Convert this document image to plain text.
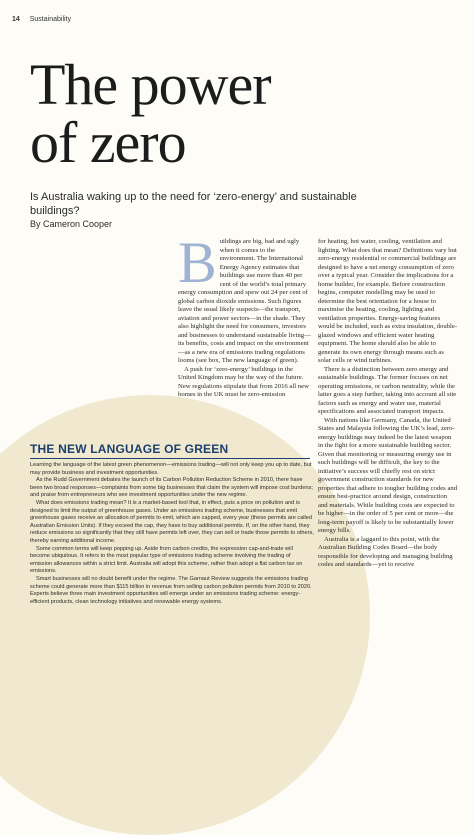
14 Sustainability
The power
of zero
Is Australia waking up to the need for ‘zero-energy’ and sustainable buildings?
By Cameron Cooper

Buildings are big, bad and ugly when it comes to the environment. The International Energy Agency estimates that buildings use more than 40 per cent of the world’s total primary energy consumption and spew out 24 per cent of global carbon dioxide emissions. Such figures leave the usual likely suspects—the transport, aviation and power sectors—in the shade. They also highlight the need for consumers, investors and businesses to understand sustainable living—its benefits, costs and impact on the environment—as a new era of emissions trading regulations looms (see box, The new language of green).

A push for ‘zero-energy’ buildings in the United Kingdom may be the way of the future. New regulations stipulate that from 2016 all new homes in the UK must be zero-emission

for heating, hot water, cooling, ventilation and lighting. What does that mean? Definitions vary but zero-energy residential or commercial buildings are designed to have a net energy consumption of zero over a typical year. Consider the implications for a home builder, for example. Before construction begins, computer modelling may be used to determine the best orientation for a house to maximise the heating, cooling, lighting and ventilation properties. Energy-saving features would be included, such as extra insulation, double-glazed windows and efficient water heating equipment. The home should also be able to generate its own energy through means such as solar cells or wind turbines.

There is a distinction between zero energy and sustainable buildings. The former focuses on net operating emissions, or carbon neutrality, while the latter goes a step further, taking into account all site factors such as energy and water use, material specifications and associated transport impacts.

With nations like Germany, Canada, the United States and Malaysia following the UK’s lead, zero-energy buildings may indeed be the latest weapon in the fight for a more sustainable building sector. Given that monitoring or measuring energy use in such buildings will be difficult, the key to the initiative’s success will chiefly rest on strict government construction standards for new properties that adhere to tougher building codes and ensure best-practice around design, construction and materials. While building costs are expected to be higher—in the order of 5 per cent or more—the long-term payoff is likely to be substantially lower energy bills.

Australia is a laggard to this point, with the Australian Building Codes Board—the body responsible for developing and managing building codes and standards—yet to receive

THE NEW LANGUAGE OF GREEN

Learning the language of the latest green phenomenon—emissions trading—will not only keep you up to date, but may provide business and investment opportunities.

As the Rudd Government debates the launch of its Carbon Pollution Reduction Scheme in 2010, there have been two broad responses—complaints from some big businesses that claim the system will impose cost burdens; and praise from entrepreneurs who see investment opportunities under the new regime.

What does emissions trading mean? It is a market-based tool that, in effect, puts a price on pollution and is designed to limit the output of greenhouse gases. Under an emissions trading scheme, businesses that emit greenhouse gases receive an allocation of permits to emit, which are capped, every year (these permits are called Australian Emission Units). If they exceed the cap, they have to buy additional permits. If, on the other hand, they reduce emissions so significantly that they still have permits left over, they can sell or trade those permits to others, thereby earning additional income.

Some common terms will keep popping up. Aside from carbon credits, the expression cap-and-trade will become ubiquitous. It refers to the most popular type of emissions trading scheme involving the trading of emission allowances within a strict limit. Australia will adopt this scheme, rather than adopt a flat carbon tax on emissions.

Smart businesses will no doubt benefit under the regime. The Garnaut Review suggests the emissions trading scheme could generate more than $115 billion in revenue from selling carbon pollution permits from 2010 to 2020. Experts believe three main investment opportunities will emerge under an emissions trading scheme: energy-efficient products, clean technology initiatives and renewable energy systems.
